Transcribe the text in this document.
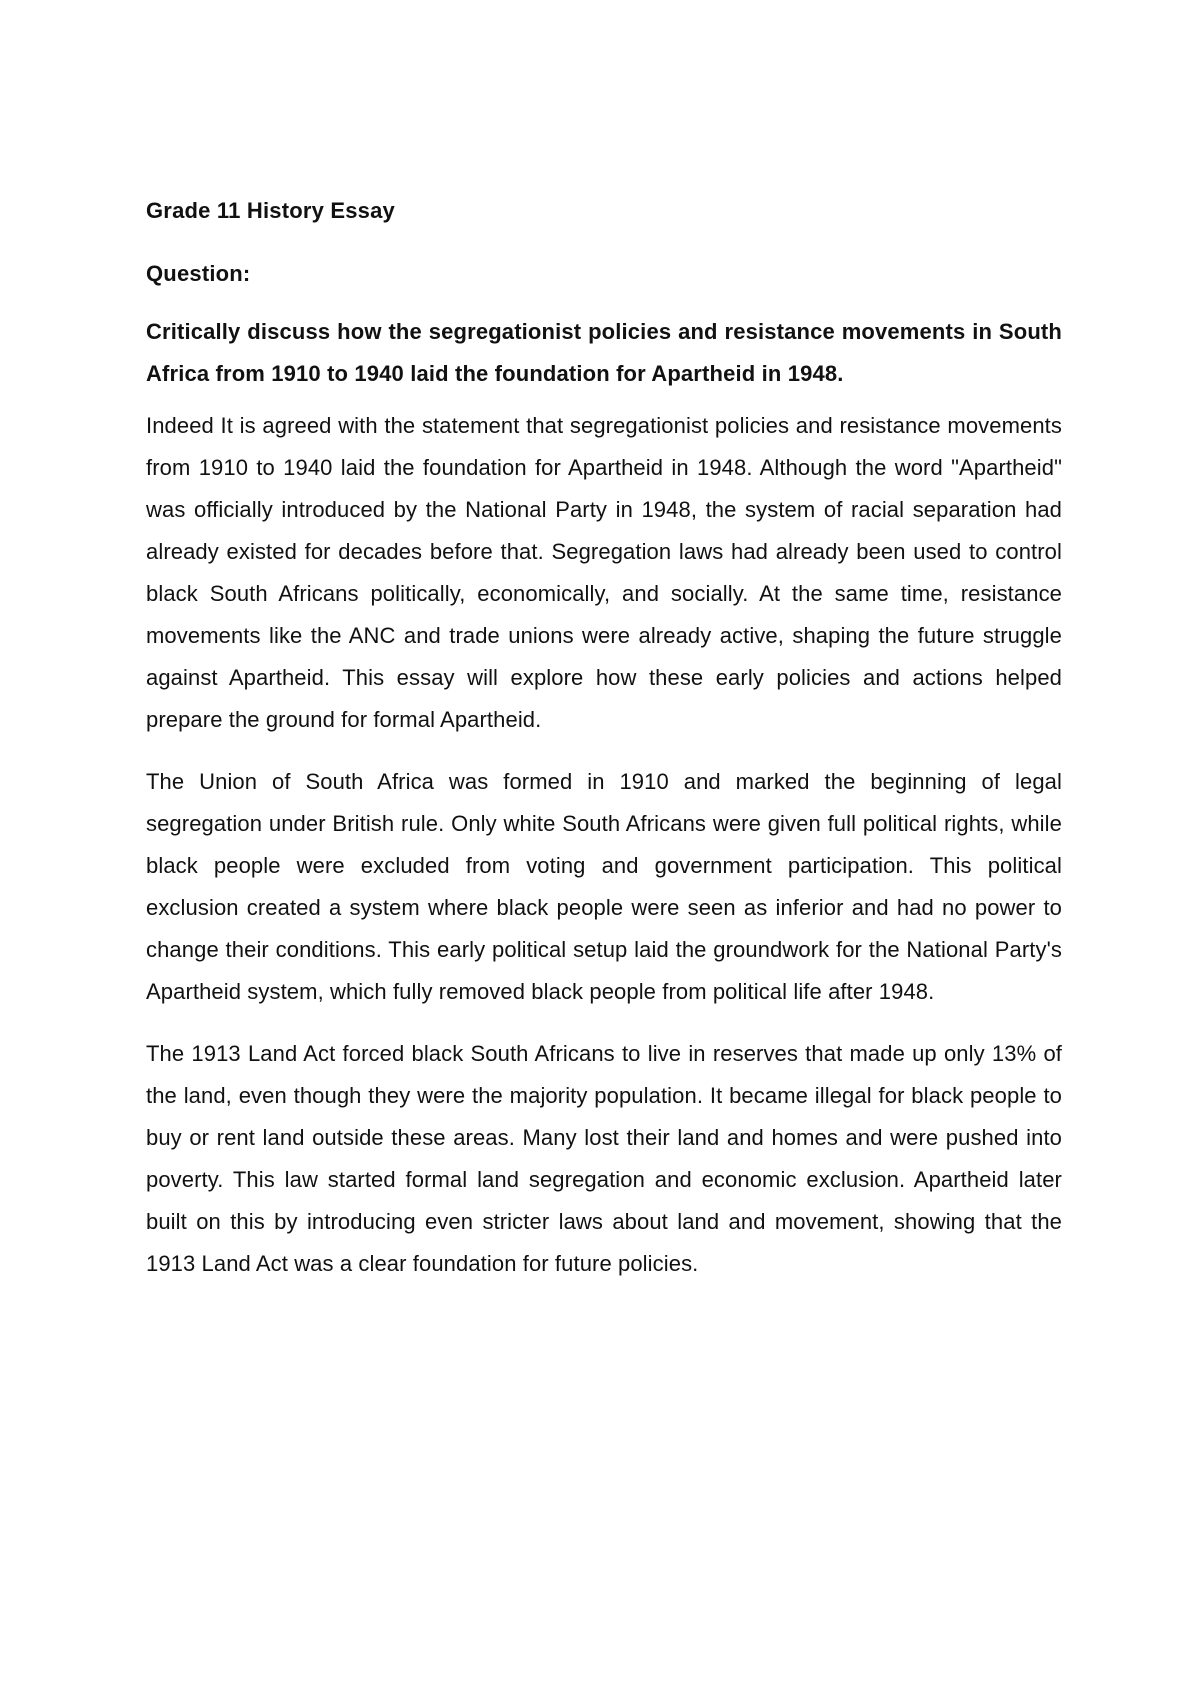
Grade 11 History Essay
Question:
Critically discuss how the segregationist policies and resistance movements in South Africa from 1910 to 1940 laid the foundation for Apartheid in 1948.
Indeed It is agreed with the statement that segregationist policies and resistance movements from 1910 to 1940 laid the foundation for Apartheid in 1948. Although the word "Apartheid" was officially introduced by the National Party in 1948, the system of racial separation had already existed for decades before that. Segregation laws had already been used to control black South Africans politically, economically, and socially. At the same time, resistance movements like the ANC and trade unions were already active, shaping the future struggle against Apartheid. This essay will explore how these early policies and actions helped prepare the ground for formal Apartheid.
The Union of South Africa was formed in 1910 and marked the beginning of legal segregation under British rule. Only white South Africans were given full political rights, while black people were excluded from voting and government participation. This political exclusion created a system where black people were seen as inferior and had no power to change their conditions. This early political setup laid the groundwork for the National Party's Apartheid system, which fully removed black people from political life after 1948.
The 1913 Land Act forced black South Africans to live in reserves that made up only 13% of the land, even though they were the majority population. It became illegal for black people to buy or rent land outside these areas. Many lost their land and homes and were pushed into poverty. This law started formal land segregation and economic exclusion. Apartheid later built on this by introducing even stricter laws about land and movement, showing that the 1913 Land Act was a clear foundation for future policies.
